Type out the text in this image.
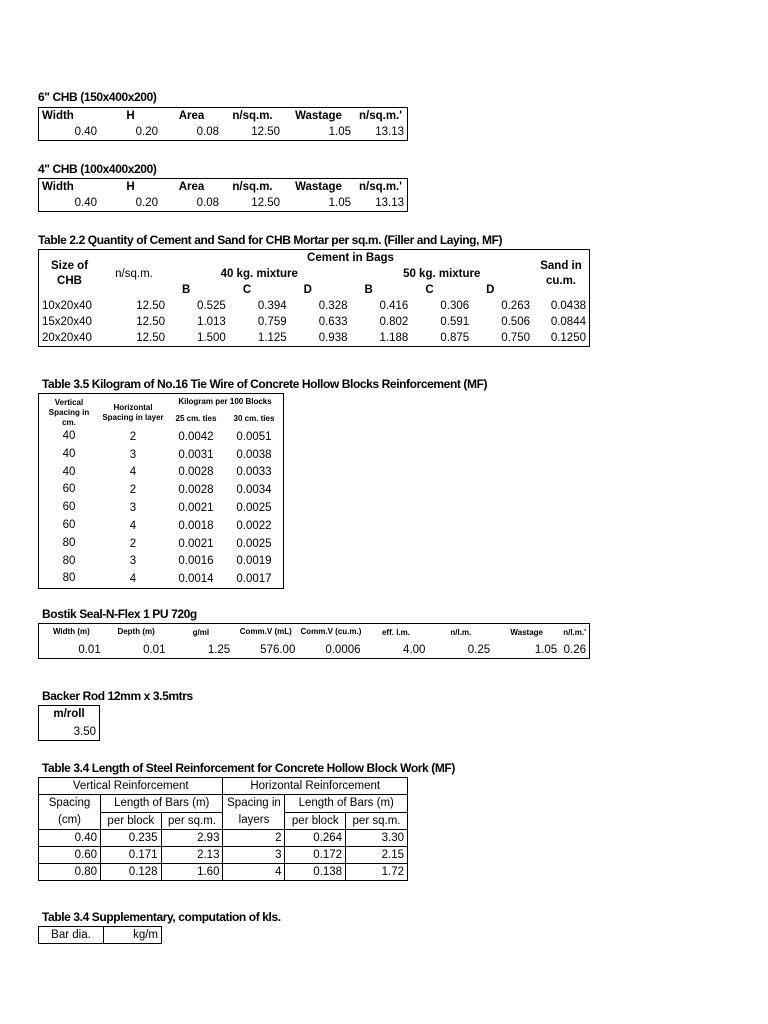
6" CHB (150x400x200)
Width	H	Area	n/sq.m.	Wastage	n/sq.m.'
0.40	0.20	0.08	12.50	1.05	13.13
4" CHB (100x400x200)
Width	H	Area	n/sq.m.	Wastage	n/sq.m.'
0.40	0.20	0.08	12.50	1.05	13.13
Table 2.2 Quantity of Cement and Sand for CHB Mortar per sq.m. (Filler and Laying, MF)
Size of CHB	n/sq.m.	Cement in Bags						Sand in cu.m.
		40 kg. mixture			50 kg. mixture			
		B	C	D	B	C	D	
10x20x40	12.50	0.525	0.394	0.328	0.416	0.306	0.263	0.0438
15x20x40	12.50	1.013	0.759	0.633	0.802	0.591	0.506	0.0844
20x20x40	12.50	1.500	1.125	0.938	1.188	0.875	0.750	0.1250
Table 3.5 Kilogram of No.16 Tie Wire of Concrete Hollow Blocks Reinforcement (MF)
Vertical Spacing in cm.	Horizontal Spacing in layer	Kilogram per 100 Blocks	
		25 cm. ties	30 cm. ties
40	2	0.0042	0.0051
40	3	0.0031	0.0038
40	4	0.0028	0.0033
60	2	0.0028	0.0034
60	3	0.0021	0.0025
60	4	0.0018	0.0022
80	2	0.0021	0.0025
80	3	0.0016	0.0019
80	4	0.0014	0.0017
Bostik Seal-N-Flex 1 PU 720g
Width (m)	Depth (m)	g/ml	Comm.V (mL)	Comm.V (cu.m.)	eff. l.m.	n/l.m.	Wastage	n/l.m.'
0.01	0.01	1.25	576.00	0.0006	4.00	0.25	1.05	0.26
Backer Rod 12mm x 3.5mtrs
m/roll
3.50
Table 3.4 Length of Steel Reinforcement for Concrete Hollow Block Work (MF)
Vertical Reinforcement			Horizontal Reinforcement		
Spacing (cm)	Length of Bars (m)		Spacing in layers	Length of Bars (m)	
	per block	per sq.m.		per block	per sq.m.
0.40	0.235	2.93	2	0.264	3.30
0.60	0.171	2.13	3	0.172	2.15
0.80	0.128	1.60	4	0.138	1.72
Table 3.4 Supplementary, computation of kls.
Bar dia.	kg/m
